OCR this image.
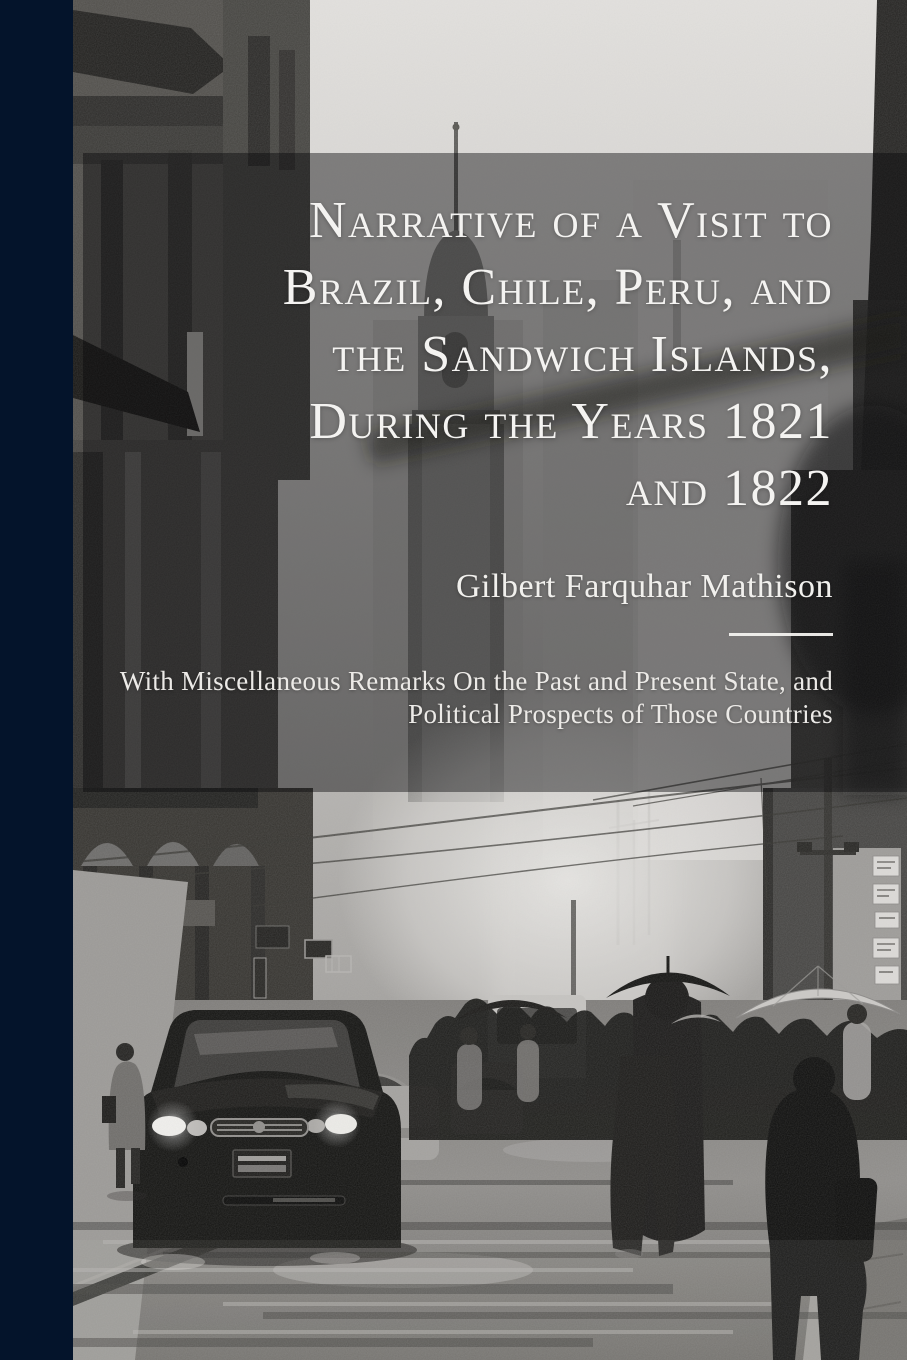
Narrative of a Visit to
Brazil, Chile, Peru, and
the Sandwich Islands,
During the Years 1821
and 1822
Gilbert Farquhar Mathison
With Miscellaneous Remarks On the Past and Present State, and
Political Prospects of Those Countries
